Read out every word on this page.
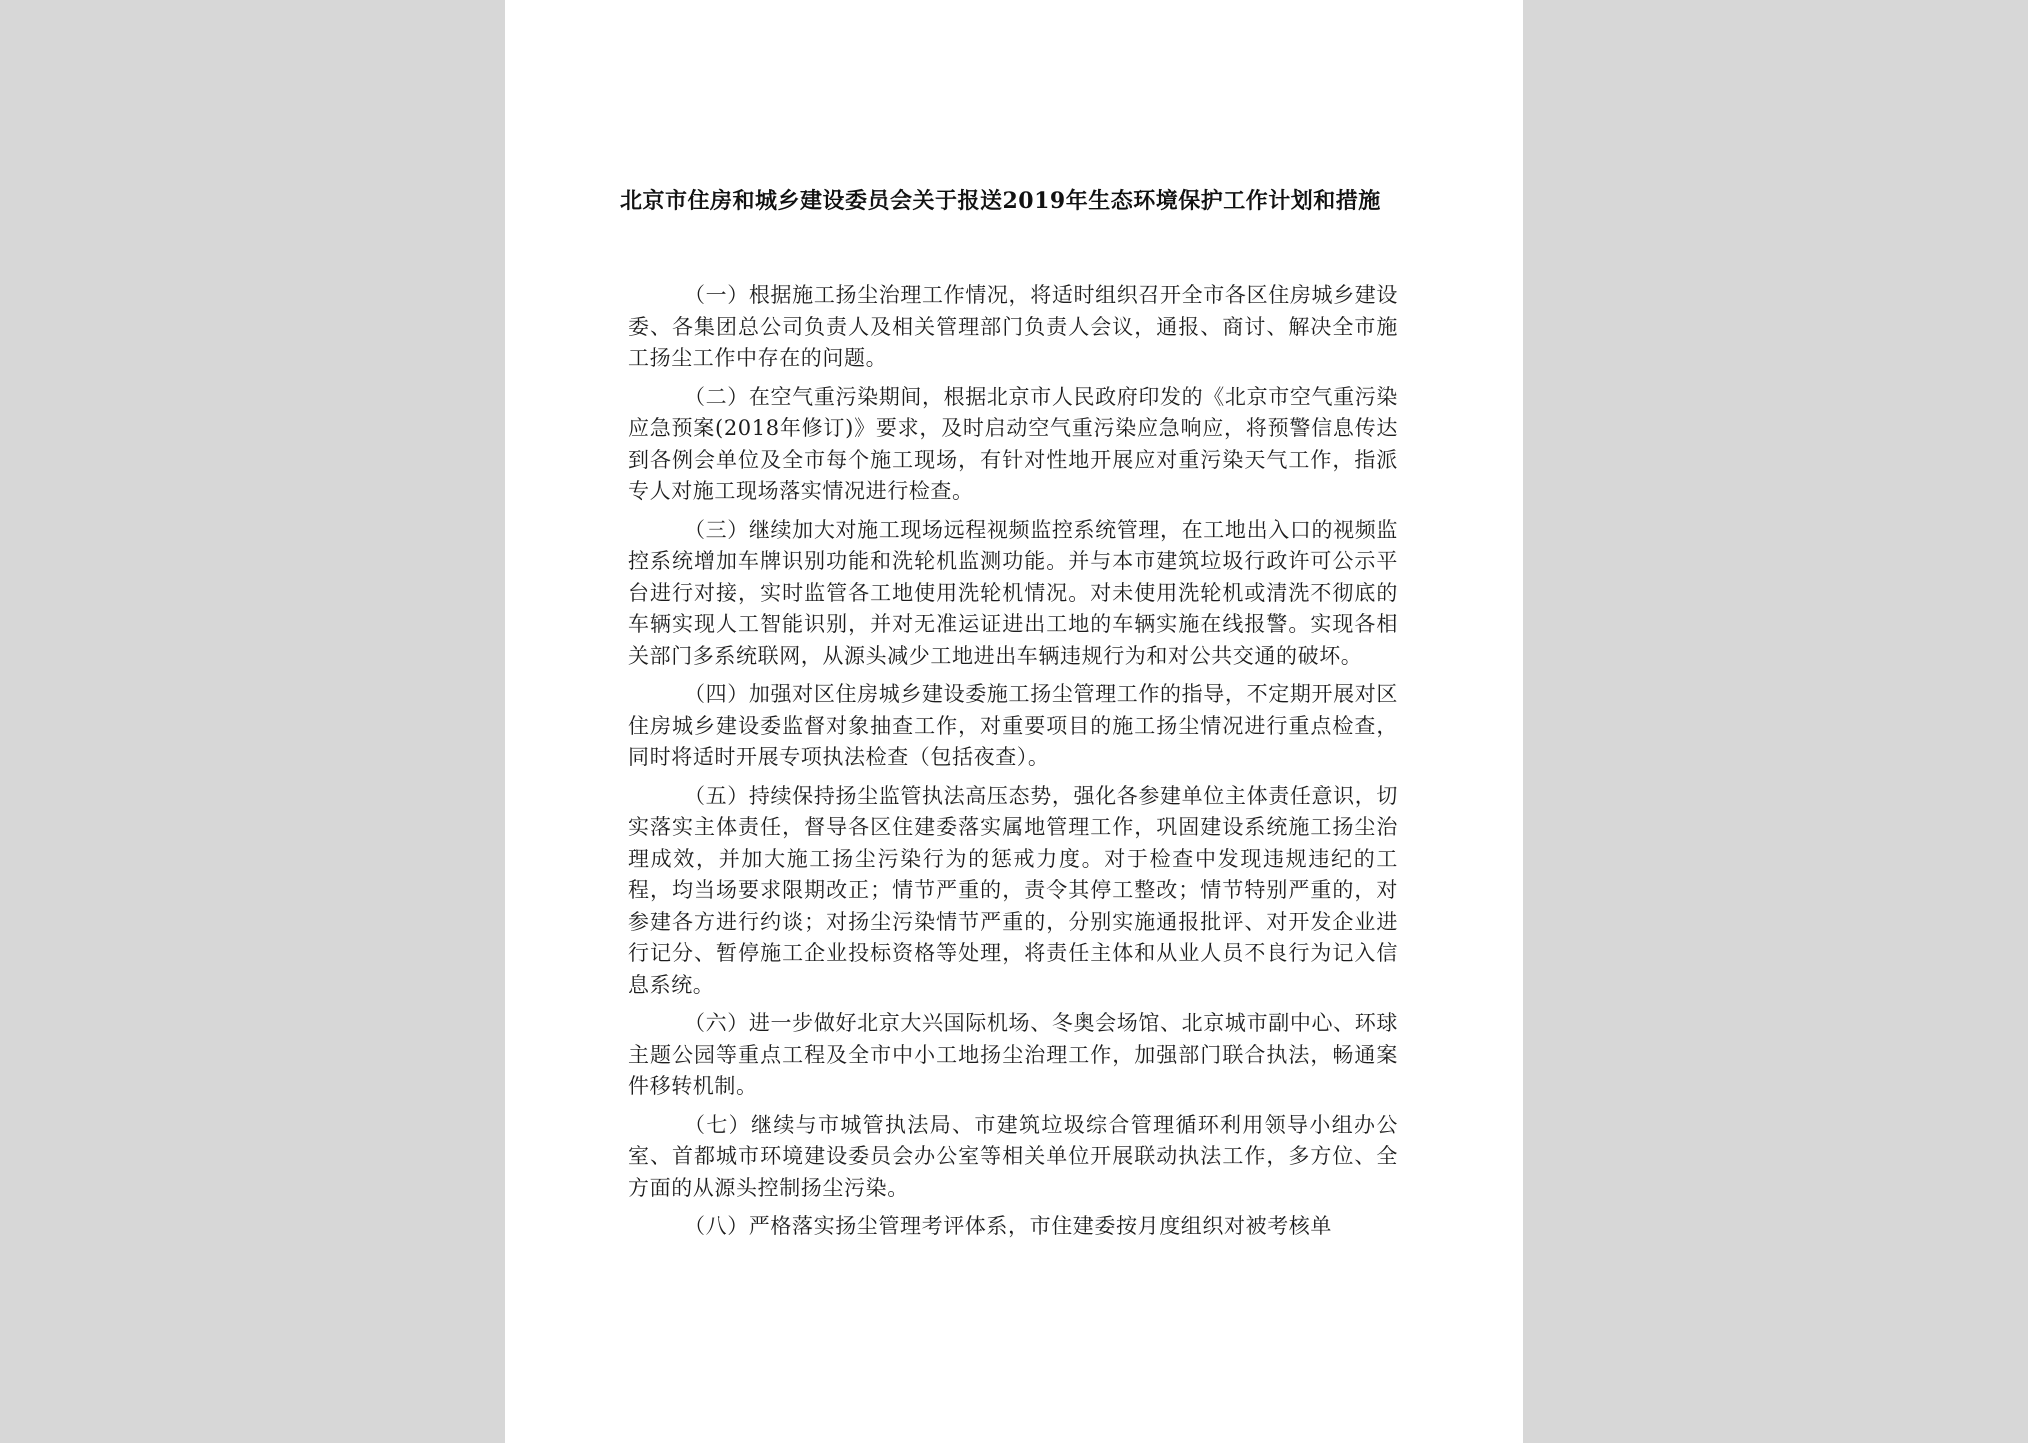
北京市住房和城乡建设委员会关于报送2019年生态环境保护工作计划和措施

（一）根据施工扬尘治理工作情况，将适时组织召开全市各区住房城乡建设委、各集团总公司负责人及相关管理部门负责人会议，通报、商讨、解决全市施工扬尘工作中存在的问题。

（二）在空气重污染期间，根据北京市人民政府印发的《北京市空气重污染应急预案(2018年修订)》要求，及时启动空气重污染应急响应，将预警信息传达到各例会单位及全市每个施工现场，有针对性地开展应对重污染天气工作，指派专人对施工现场落实情况进行检查。

（三）继续加大对施工现场远程视频监控系统管理，在工地出入口的视频监控系统增加车牌识别功能和洗轮机监测功能。并与本市建筑垃圾行政许可公示平台进行对接，实时监管各工地使用洗轮机情况。对未使用洗轮机或清洗不彻底的车辆实现人工智能识别，并对无准运证进出工地的车辆实施在线报警。实现各相关部门多系统联网，从源头减少工地进出车辆违规行为和对公共交通的破坏。

（四）加强对区住房城乡建设委施工扬尘管理工作的指导，不定期开展对区住房城乡建设委监督对象抽查工作，对重要项目的施工扬尘情况进行重点检查，同时将适时开展专项执法检查（包括夜查）。

（五）持续保持扬尘监管执法高压态势，强化各参建单位主体责任意识，切实落实主体责任，督导各区住建委落实属地管理工作，巩固建设系统施工扬尘治理成效，并加大施工扬尘污染行为的惩戒力度。对于检查中发现违规违纪的工程，均当场要求限期改正；情节严重的，责令其停工整改；情节特别严重的，对参建各方进行约谈；对扬尘污染情节严重的，分别实施通报批评、对开发企业进行记分、暂停施工企业投标资格等处理，将责任主体和从业人员不良行为记入信息系统。

（六）进一步做好北京大兴国际机场、冬奥会场馆、北京城市副中心、环球主题公园等重点工程及全市中小工地扬尘治理工作，加强部门联合执法，畅通案件移转机制。

（七）继续与市城管执法局、市建筑垃圾综合管理循环利用领导小组办公室、首都城市环境建设委员会办公室等相关单位开展联动执法工作，多方位、全方面的从源头控制扬尘污染。

（八）严格落实扬尘管理考评体系，市住建委按月度组织对被考核单
